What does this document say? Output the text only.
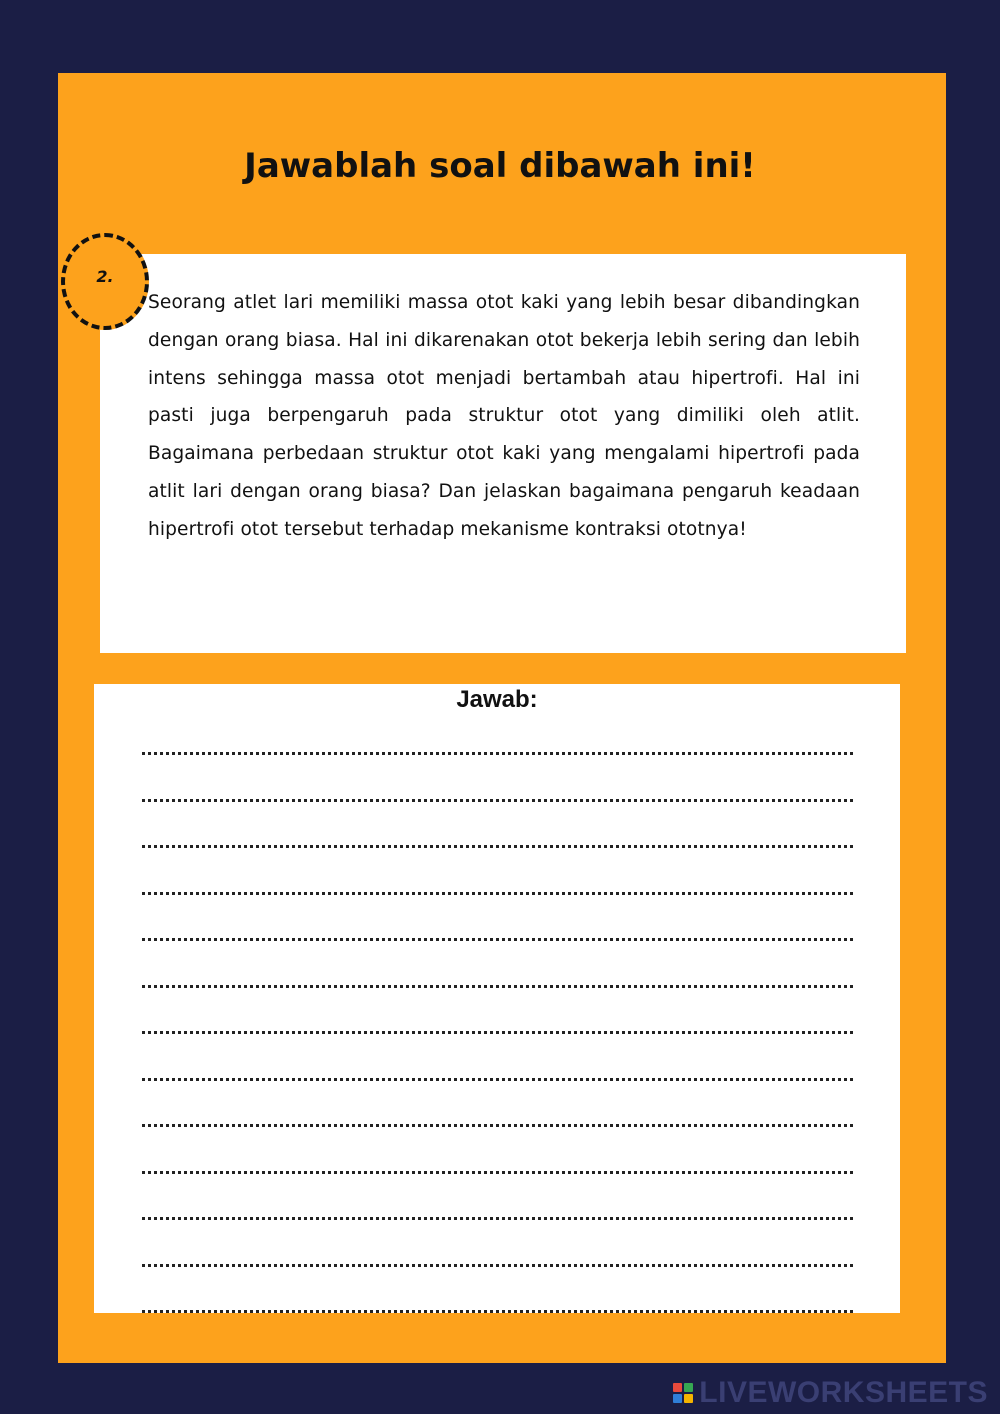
Jawablah soal dibawah ini!
2.

Seorang atlet lari memiliki massa otot kaki yang lebih besar dibandingkan dengan orang biasa. Hal ini dikarenakan otot bekerja lebih sering dan lebih intens sehingga massa otot menjadi bertambah atau hipertrofi. Hal ini pasti juga berpengaruh pada struktur otot yang dimiliki oleh atlit. Bagaimana perbedaan struktur otot kaki yang mengalami hipertrofi pada atlit lari dengan orang biasa? Dan jelaskan bagaimana pengaruh keadaan hipertrofi otot tersebut terhadap mekanisme kontraksi ototnya!

Jawab:
LIVEWORKSHEETS
